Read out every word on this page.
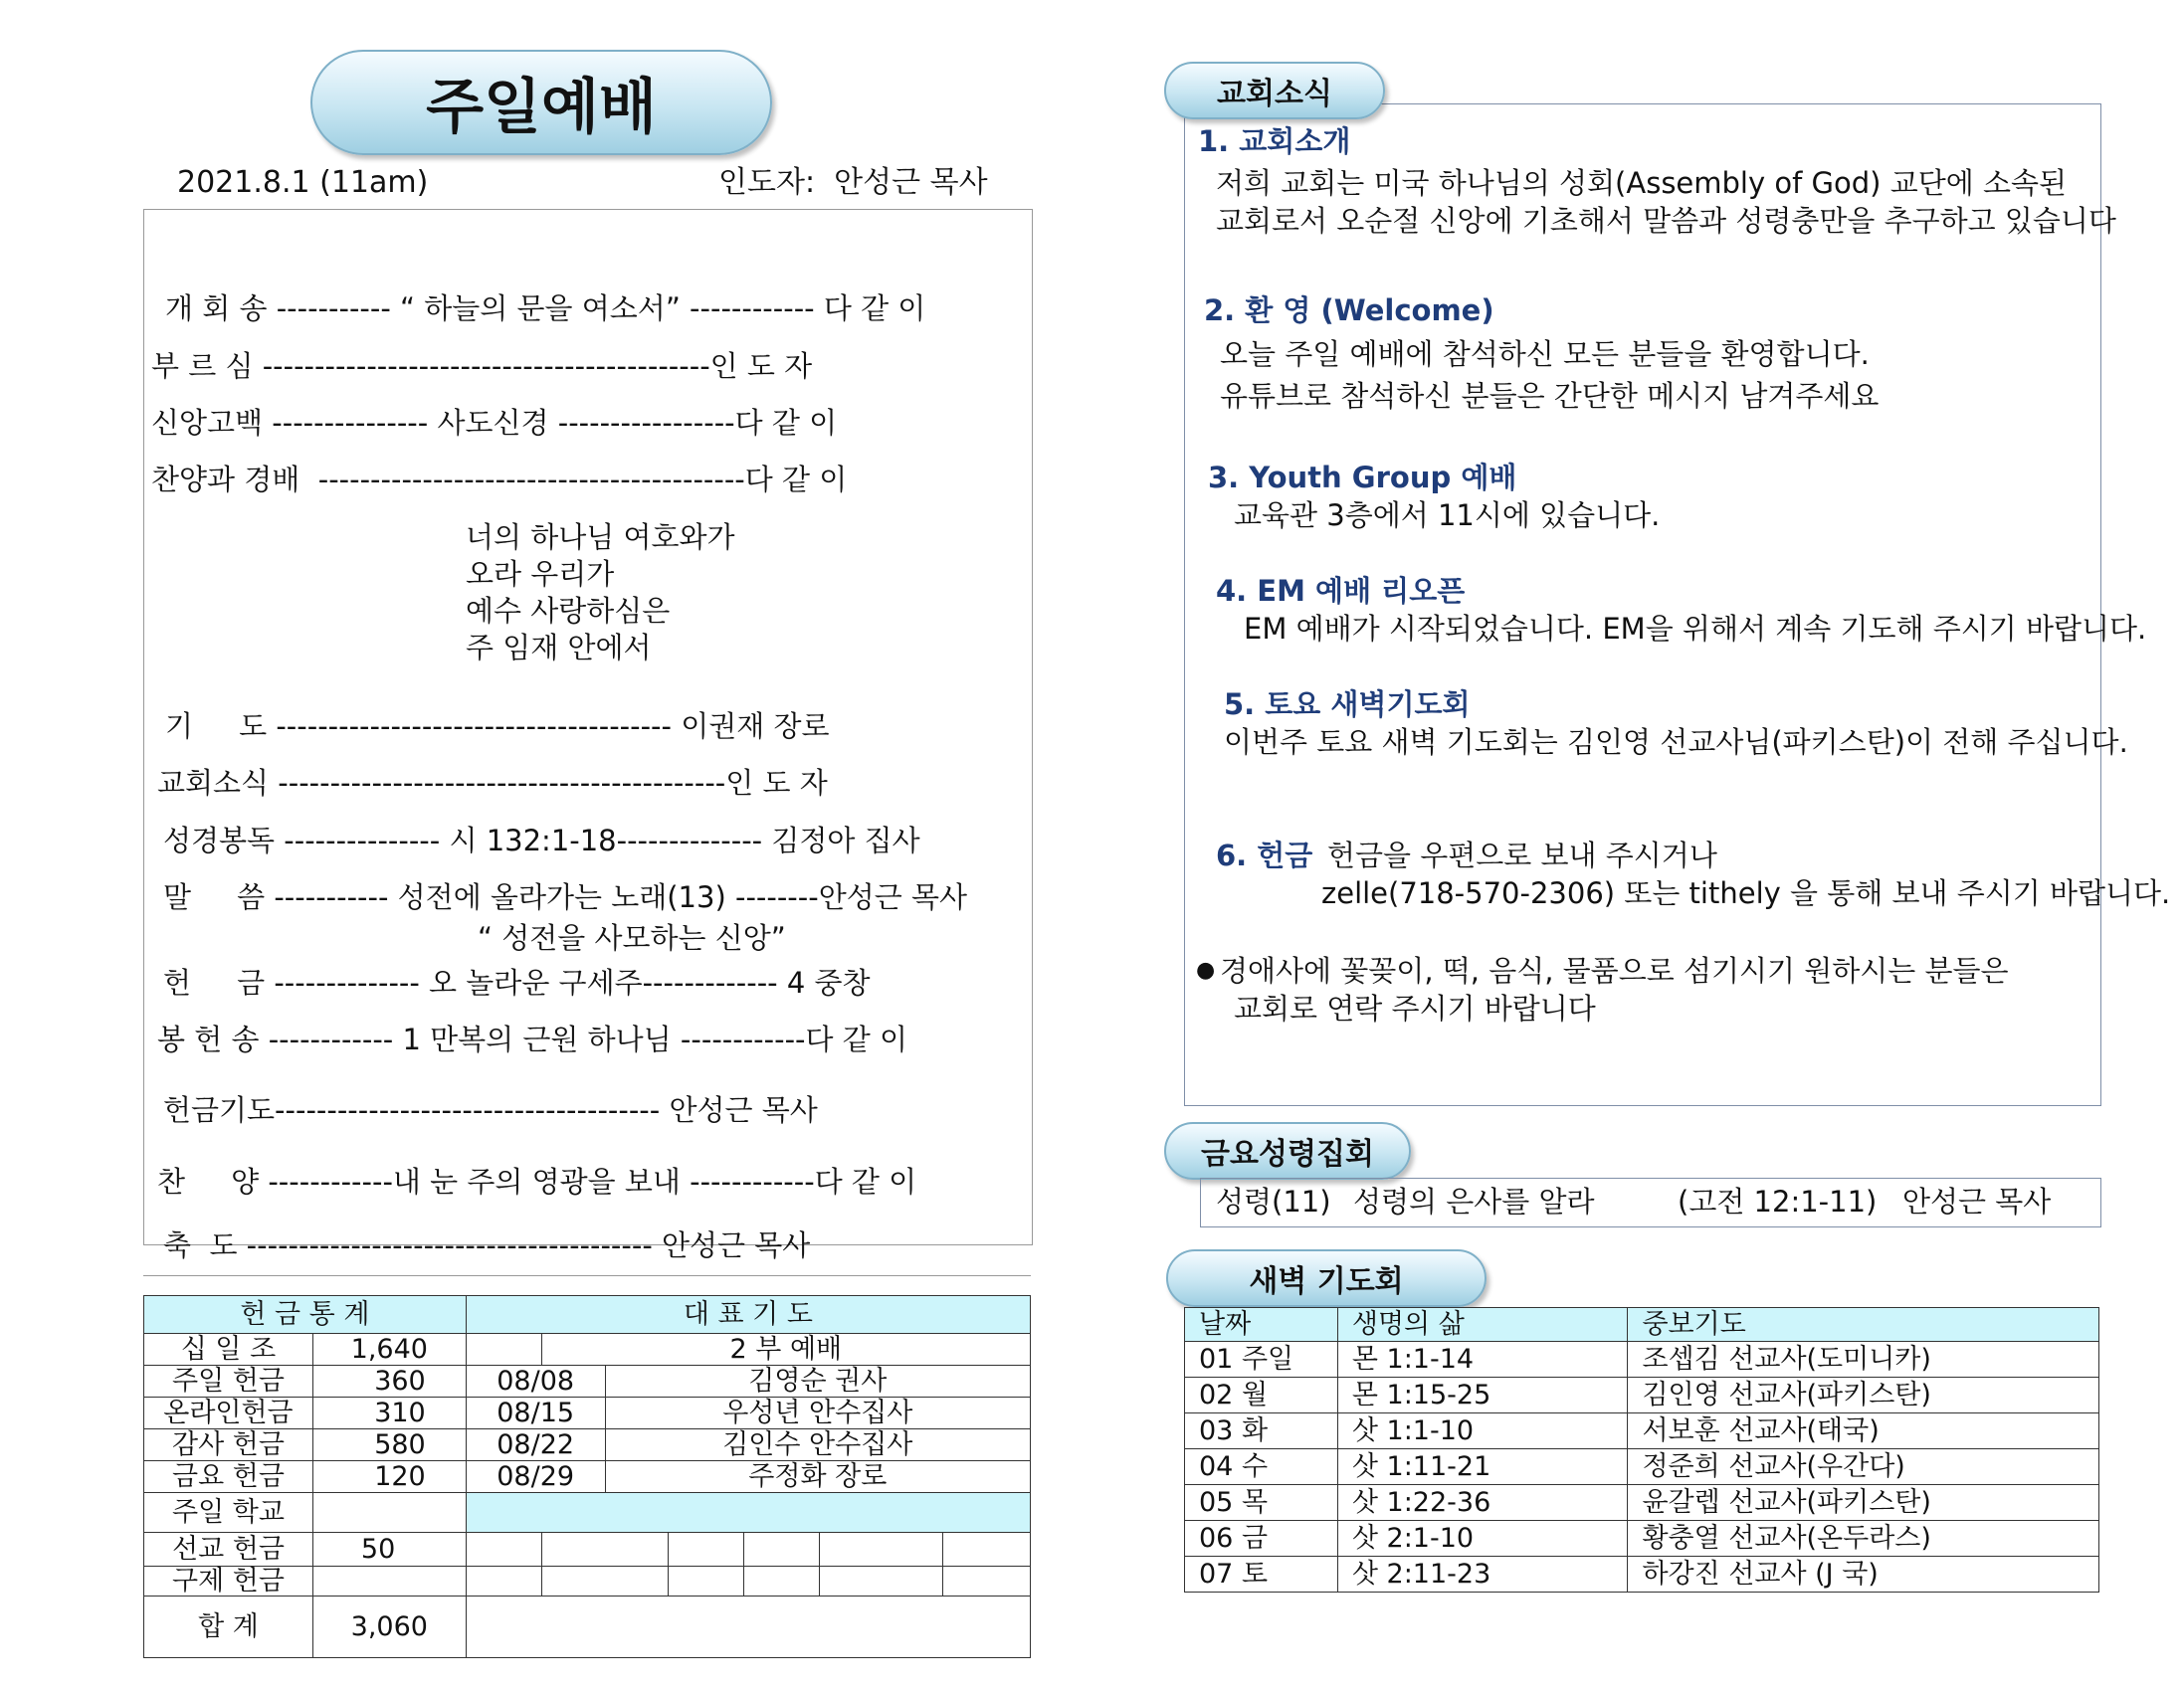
주일예배
2021.8.1 (11am)	인도자:  안성근 목사
개 회 송 ----------- “ 하늘의 문을 여소서” ------------ 다 같 이
부 르 심 -------------------------------------------인 도 자
신앙고백 --------------- 사도신경 -----------------다 같 이
찬양과 경배  -----------------------------------------다 같 이
너의 하나님 여호와가
오라 우리가
예수 사랑하심은
주 임재 안에서
기     도 -------------------------------------- 이권재 장로
교회소식 -------------------------------------------인 도 자
성경봉독 --------------- 시 132:1-18-------------- 김정아 집사
말     씀 ----------- 성전에 올라가는 노래(13) --------안성근 목사
“ 성전을 사모하는 신앙”
헌     금 -------------- 오 놀라운 구세주------------- 4 중창
봉 헌 송 ------------ 1 만복의 근원 하나님 ------------다 같 이
헌금기도------------------------------------- 안성근 목사
찬     양 ------------내 눈 주의 영광을 보내 ------------다 같 이
축  도 --------------------------------------- 안성근 목사
헌 금 통 계		대 표 기 도						
십 일 조	1,640		2 부 예배					
주일 헌금	360	08/08		김영순 권사				
온라인헌금	310	08/15		우성년 안수집사				
감사 헌금	580	08/22		김인수 안수집사				
금요 헌금	120	08/29		주정화 장로				
주일 학교								
선교 헌금	50							
구제 헌금								
합 계	3,060							
교회소식
1. 교회소개
저희 교회는 미국 하나님의 성회(Assembly of God) 교단에 소속된
교회로서 오순절 신앙에 기초해서 말씀과 성령충만을 추구하고 있습니다
2. 환 영 (Welcome)
오늘 주일 예배에 참석하신 모든 분들을 환영합니다.
유튜브로 참석하신 분들은 간단한 메시지 남겨주세요
3. Youth Group 예배
교육관 3층에서 11시에 있습니다.
4. EM 예배 리오픈
EM 예배가 시작되었습니다. EM을 위해서 계속 기도해 주시기 바랍니다.
5. 토요 새벽기도회
이번주 토요 새벽 기도회는 김인영 선교사님(파키스탄)이 전해 주십니다.
6. 헌금 헌금을 우편으로 보내 주시거나
zelle(718-570-2306) 또는 tithely 을 통해 보내 주시기 바랍니다.
● 경애사에 꽃꽂이, 떡, 음식, 물품으로 섬기시기 원하시는 분들은
교회로 연락 주시기 바랍니다
금요성령집회
성령(11) 성령의 은사를 알라	(고전 12:1-11) 안성근 목사
새벽 기도회
날짜	생명의 삶	중보기도
01 주일	몬 1:1-14	조셉김 선교사(도미니카)
02 월	몬 1:15-25	김인영 선교사(파키스탄)
03 화	삿 1:1-10	서보훈 선교사(태국)
04 수	삿 1:11-21	정준희 선교사(우간다)
05 목	삿 1:22-36	윤갈렙 선교사(파키스탄)
06 금	삿 2:1-10	황충열 선교사(온두라스)
07 토	삿 2:11-23	하강진 선교사 (J 국)
